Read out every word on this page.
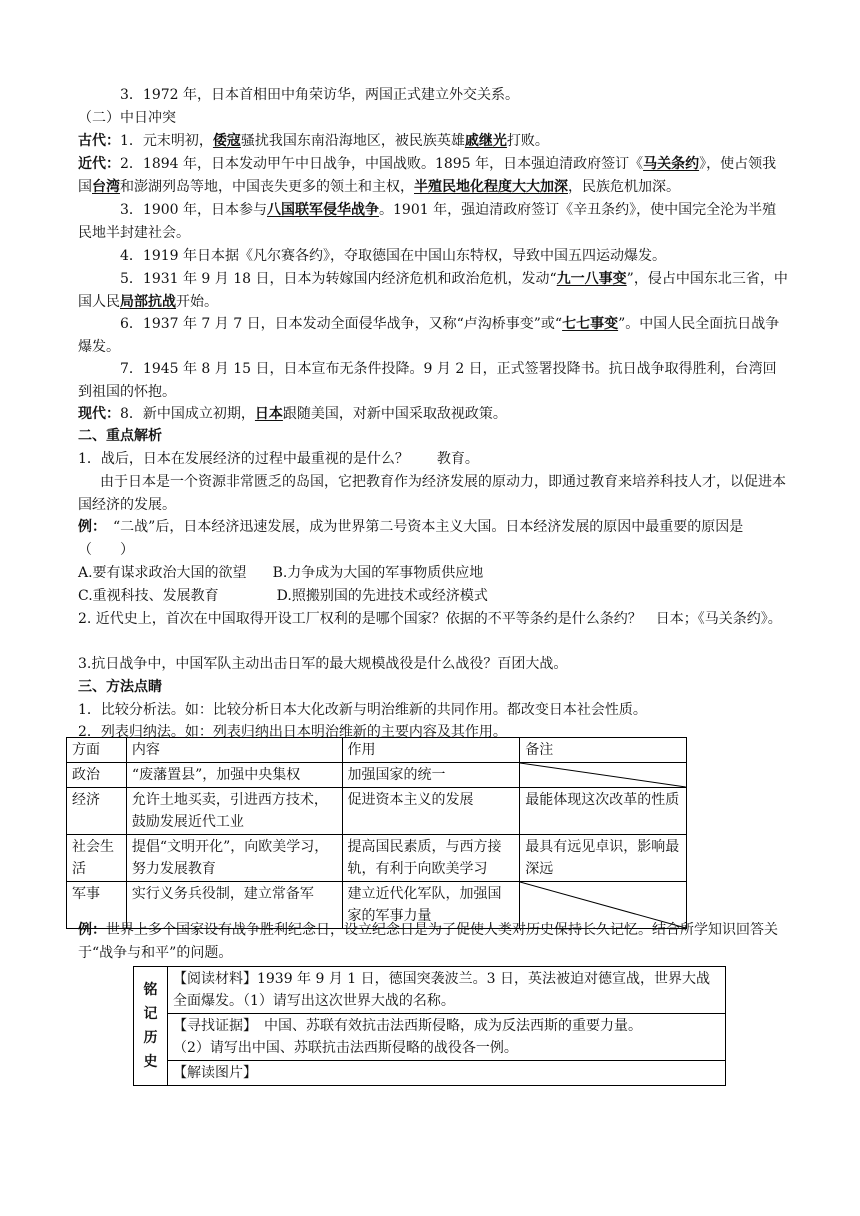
3．1972 年，日本首相田中角荣访华，两国正式建立外交关系。

（二）中日冲突

古代：1．元末明初，倭寇骚扰我国东南沿海地区，被民族英雄戚继光打败。

近代：2．1894 年，日本发动甲午中日战争，中国战败。1895 年，日本强迫清政府签订《马关条约》，使占领我国台湾和澎湖列岛等地，中国丧失更多的领土和主权，半殖民地化程度大大加深，民族危机加深。

3．1900 年，日本参与八国联军侵华战争。1901 年，强迫清政府签订《辛丑条约》，使中国完全沦为半殖民地半封建社会。

4．1919 年日本据《凡尔赛各约》，夺取德国在中国山东特权，导致中国五四运动爆发。

5．1931 年 9 月 18 日，日本为转嫁国内经济危机和政治危机，发动“九一八事变”，侵占中国东北三省，中国人民局部抗战开始。

6．1937 年 7 月 7 日，日本发动全面侵华战争，又称“卢沟桥事变”或“七七事变”。中国人民全面抗日战争爆发。

7．1945 年 8 月 15 日，日本宣布无条件投降。9 月 2 日，正式签署投降书。抗日战争取得胜利，台湾回到祖国的怀抱。

现代：8．新中国成立初期，日本跟随美国，对新中国采取敌视政策。

二、重点解析

1．战后，日本在发展经济的过程中最重视的是什么？　　教育。

由于日本是一个资源非常匮乏的岛国，它把教育作为经济发展的原动力，即通过教育来培养科技人才，以促进本国经济的发展。

例：　 “二战”后，日本经济迅速发展，成为世界第二号资本主义大国。日本经济发展的原因中最重要的原因是（　　）

A.要有谋求政治大国的欲望 B.力争成为大国的军事物质供应地

C.重视科技、发展教育	D.照搬别国的先进技术或经济模式

2. 近代史上，首次在中国取得开设工厂权利的是哪个国家？依据的不平等条约是什么条约？　日本；《马关条约》。

3.抗日战争中，中国军队主动出击日军的最大规模战役是什么战役？百团大战。

三、方法点睛

1．比较分析法。如：比较分析日本大化改新与明治维新的共同作用。都改变日本社会性质。

2．列表归纳法。如：列表归纳出日本明治维新的主要内容及其作用。

方面	内容	作用	备注
政治	“废藩置县”，加强中央集权	加强国家的统一	

经济	允许土地买卖，引进西方技术，鼓励发展近代工业	促进资本主义的发展	最能体现这次改革的性质
社会生活	提倡“文明开化”，向欧美学习，努力发展教育	提高国民素质，与西方接轨，有利于向欧美学习	最具有远见卓识，影响最深远
军事	实行义务兵役制，建立常备军	建立近代化军队，加强国家的军事力量	

例：世界上多个国家设有战争胜利纪念日，设立纪念日是为了促使人类对历史保持长久记忆。结合所学知识回答关于“战争与和平”的问题。

铭记历史	【阅读材料】1939 年 9 月 1 日，德国突袭波兰。3 日，英法被迫对德宣战，世界大战全面爆发。（1）请写出这次世界大战的名称。

【寻找证据】　中国、苏联有效抗击法西斯侵略，成为反法西斯的重要力量。
（2）请写出中国、苏联抗击法西斯侵略的战役各一例。

【解读图片】
